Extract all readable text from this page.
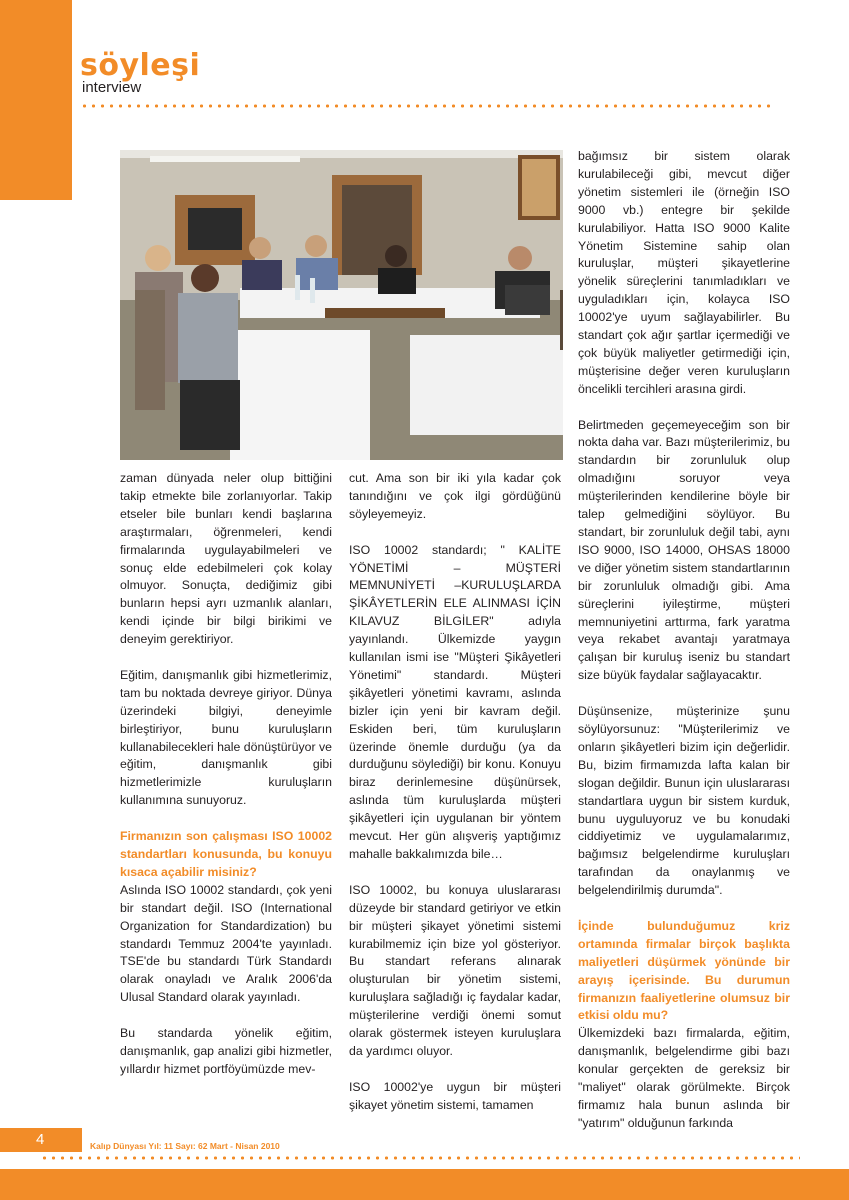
söyleşi
interview

zaman dünyada neler olup bittiğini takip etmekte bile zorlanıyorlar. Takip etseler bile bunları kendi başlarına araştırmaları, öğrenmeleri, kendi firmalarında uygulayabilmeleri ve sonuç elde edebilmeleri çok kolay olmuyor. Sonuçta, dediğimiz gibi bunların hepsi ayrı uzmanlık alanları, kendi içinde bir bilgi birikimi ve deneyim gerektiriyor.

Eğitim, danışmanlık gibi hizmetlerimiz, tam bu noktada devreye giriyor. Dünya üzerindeki bilgiyi, deneyimle birleştiriyor, bunu kuruluşların kullanabilecekleri hale dönüştürüyor ve eğitim, danışmanlık gibi hizmetlerimizle kuruluşların kullanımına sunuyoruz.

Firmanızın son çalışması ISO 10002 standartları konusunda, bu konuyu kısaca açabilir misiniz?

Aslında ISO 10002 standardı, çok yeni bir standart değil. ISO (International Organization for Standardization) bu standardı Temmuz 2004'te yayınladı. TSE'de bu standardı Türk Standardı olarak onayladı ve Aralık 2006'da Ulusal Standard olarak yayınladı.

Bu standarda yönelik eğitim, danışmanlık, gap analizi gibi hizmetler, yıllardır hizmet portföyümüzde mev-

cut. Ama son bir iki yıla kadar çok tanındığını ve çok ilgi gördüğünü söyleyemeyiz.

ISO 10002 standardı; " KALİTE YÖNETİMİ – MÜŞTERİ MEMNUNİYETİ –KURULUŞLARDA ŞİKÂYETLERİN ELE ALINMASI İÇİN KILAVUZ BİLGİLER" adıyla yayınlandı. Ülkemizde yaygın kullanılan ismi ise "Müşteri Şikâyetleri Yönetimi" standardı. Müşteri şikâyetleri yönetimi kavramı, aslında bizler için yeni bir kavram değil. Eskiden beri, tüm kuruluşların üzerinde önemle durduğu (ya da durduğunu söylediği) bir konu. Konuyu biraz derinlemesine düşünürsek, aslında tüm kuruluşlarda müşteri şikâyetleri için uygulanan bir yöntem mevcut. Her gün alışveriş yaptığımız mahalle bakkalımızda bile…

ISO 10002, bu konuya uluslararası düzeyde bir standard getiriyor ve etkin bir müşteri şikayet yönetimi sistemi kurabilmemiz için bize yol gösteriyor. Bu standart referans alınarak oluşturulan bir yönetim sistemi, kuruluşlara sağladığı iç faydalar kadar, müşterilerine verdiği önemi somut olarak göstermek isteyen kuruluşlara da yardımcı oluyor.

ISO 10002'ye uygun bir müşteri şikayet yönetim sistemi, tamamen

bağımsız bir sistem olarak kurulabileceği gibi, mevcut diğer yönetim sistemleri ile (örneğin ISO 9000 vb.) entegre bir şekilde kurulabiliyor. Hatta ISO 9000 Kalite Yönetim Sistemine sahip olan kuruluşlar, müşteri şikayetlerine yönelik süreçlerini tanımladıkları ve uyguladıkları için, kolayca ISO 10002'ye uyum sağlayabilirler. Bu standart çok ağır şartlar içermediği ve çok büyük maliyetler getirmediği için, müşterisine değer veren kuruluşların öncelikli tercihleri arasına girdi.

Belirtmeden geçemeyeceğim son bir nokta daha var. Bazı müşterilerimiz, bu standardın bir zorunluluk olup olmadığını soruyor veya müşterilerinden kendilerine böyle bir talep gelmediğini söylüyor. Bu standart, bir zorunluluk değil tabi, aynı ISO 9000, ISO 14000, OHSAS 18000 ve diğer yönetim sistem standartlarının bir zorunluluk olmadığı gibi. Ama süreçlerini iyileştirme, müşteri memnuniyetini arttırma, fark yaratma veya rekabet avantajı yaratmaya çalışan bir kuruluş iseniz bu standart size büyük faydalar sağlayacaktır.

Düşünsenize, müşterinize şunu söylüyorsunuz: "Müşterilerimiz ve onların şikâyetleri bizim için değerlidir. Bu, bizim firmamızda lafta kalan bir slogan değildir. Bunun için uluslararası standartlara uygun bir sistem kurduk, bunu uyguluyoruz ve bu konudaki ciddiyetimiz ve uygulamalarımız, bağımsız belgelendirme kuruluşları tarafından da onaylanmış ve belgelendirilmiş durumda".

İçinde bulunduğumuz kriz ortamında firmalar birçok başlıkta maliyetleri düşürmek yönünde bir arayış içerisinde. Bu durumun firmanızın faaliyetlerine olumsuz bir etkisi oldu mu?

Ülkemizdeki bazı firmalarda, eğitim, danışmanlık, belgelendirme gibi bazı konular gerçekten de gereksiz bir "maliyet" olarak görülmekte. Birçok firmamız hala bunun aslında bir "yatırım" olduğunun farkında

4	Kalıp Dünyası Yıl: 11 Sayı: 62 Mart - Nisan 2010
